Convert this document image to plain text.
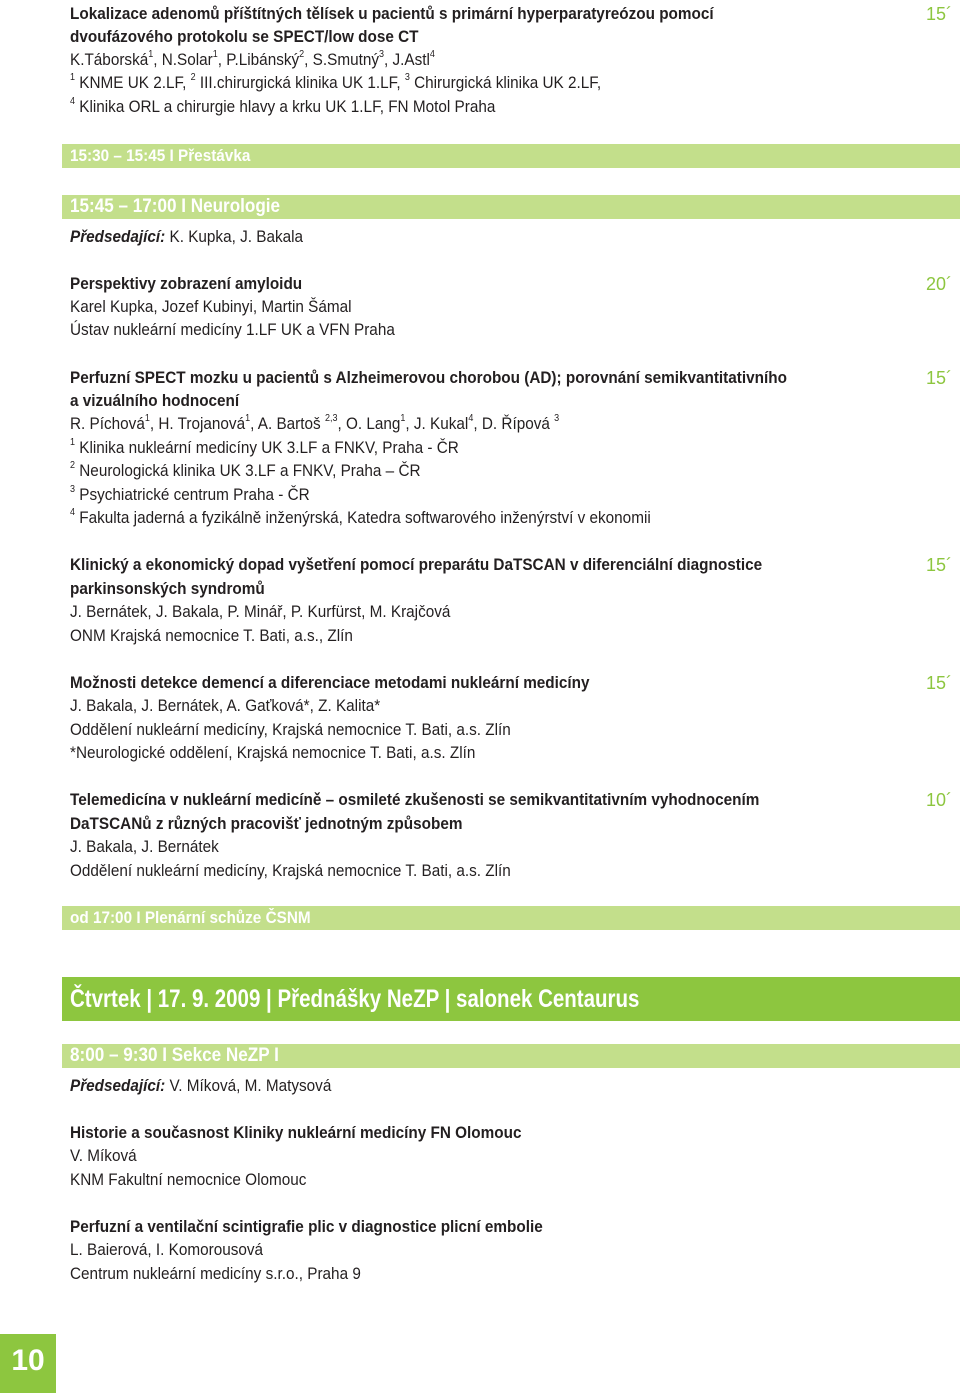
Lokalizace adenomů příštítných tělísek u pacientů s primární hyperparatyreózou pomocí
dvoufázového protokolu se SPECT/low dose CT
K.Táborská$^1$, N.Solar$^1$, P.Libánský$^2$, S.Smutný$^3$, J.Astl$^4$
$^1$ KNME UK 2.LF, $^2$ III.chirurgická klinika UK 1.LF, $^3$ Chirurgická klinika UK 2.LF,
$^4$ Klinika ORL a chirurgie hlavy a krku UK 1.LF, FN Motol Praha
15´
15:30 – 15:45 I Přestávka
15:45 – 17:00 I Neurologie
Předsedající: K. Kupka, J. Bakala
Perspektivy zobrazení amyloidu
Karel Kupka, Jozef Kubinyi, Martin Šámal
Ústav nukleární medicíny 1.LF UK a VFN Praha
20´
Perfuzní SPECT mozku u pacientů s Alzheimerovou chorobou (AD); porovnání semikvantitativního
a vizuálního hodnocení
R. Píchová$^1$, H. Trojanová$^1$, A. Bartoš $^{2,3}$, O. Lang$^1$, J. Kukal$^4$, D. Řípová $^3$
$^1$ Klinika nukleární medicíny UK 3.LF a FNKV, Praha - ČR
$^2$ Neurologická klinika UK 3.LF a FNKV, Praha – ČR
$^3$ Psychiatrické centrum Praha - ČR
$^4$ Fakulta jaderná a fyzikálně inženýrská, Katedra softwarového inženýrství v ekonomii
15´
Klinický a ekonomický dopad vyšetření pomocí preparátu DaTSCAN v diferenciální diagnostice
parkinsonských syndromů
J. Bernátek, J. Bakala, P. Minář, P. Kurfürst, M. Krajčová
ONM Krajská nemocnice T. Bati, a.s., Zlín
15´
Možnosti detekce demencí a diferenciace metodami nukleární medicíny
J. Bakala, J. Bernátek, A. Gaťková*, Z. Kalita*
Oddělení nukleární medicíny, Krajská nemocnice T. Bati, a.s. Zlín
*Neurologické oddělení, Krajská nemocnice T. Bati, a.s. Zlín
15´
Telemedicína v nukleární medicíně – osmileté zkušenosti se semikvantitativním vyhodnocením
DaTSCANů z různých pracovišť jednotným způsobem
J. Bakala, J. Bernátek
Oddělení nukleární medicíny, Krajská nemocnice T. Bati, a.s. Zlín
10´
od 17:00 I Plenární schůze ČSNM
Čtvrtek | 17. 9. 2009 | Přednášky NeZP | salonek Centaurus
8:00 – 9:30 I Sekce NeZP I
Předsedající: V. Míková, M. Matysová
Historie a současnost Kliniky nukleární medicíny FN Olomouc
V. Míková
KNM Fakultní nemocnice Olomouc
Perfuzní a ventilační scintigrafie plic v diagnostice plicní embolie
L. Baierová, I. Komorousová
Centrum nukleární medicíny s.r.o., Praha 9
10
